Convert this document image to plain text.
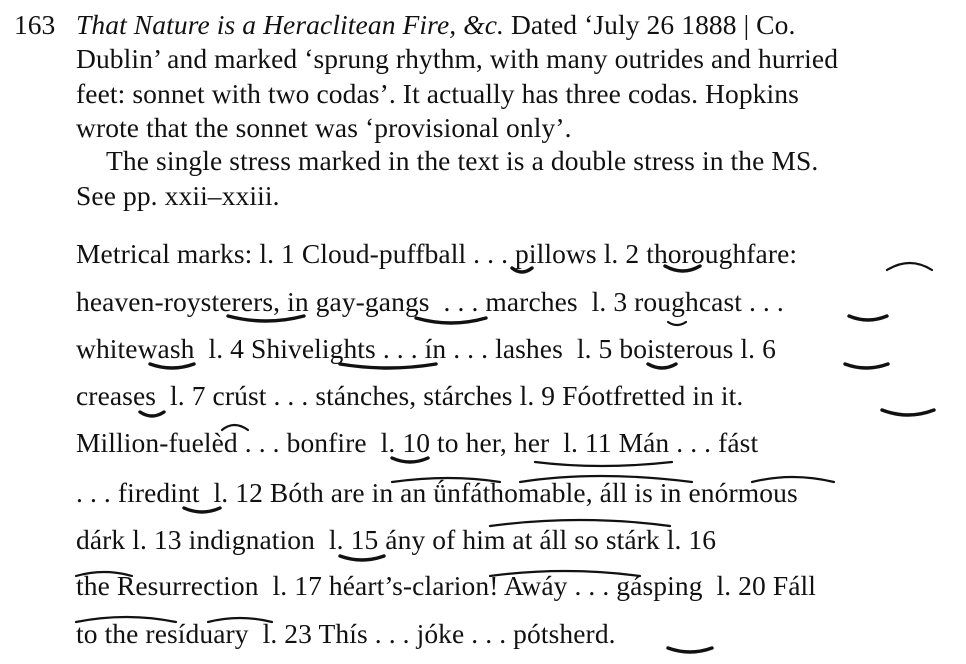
163 That Nature is a Heraclitean Fire, &c. Dated ‘July 26 1888 | Co.
Dublin’ and marked ‘sprung rhythm, with many outrides and hurried
feet: sonnet with two codas’. It actually has three codas. Hopkins
wrote that the sonnet was ‘provisional only’.
The single stress marked in the text is a double stress in the MS.
See pp. xxii–xxiii.
Metrical marks: l. 1 Cloud-puffball . . . pillows l. 2 thoroughfare:
heaven-roysterers, in gay-gangs  . . . marches  l. 3 roughcast . . .
whitewash  l. 4 Shivelights . . . ín . . . lashes  l. 5 boisterous l. 6
creases  l. 7 crúst . . . stánches, stárches l. 9 Fóotfretted in it.
Million-fuelèd . . . bonfire  l. 10 to her, her  l. 11 Mán . . . fást
. . . firedint  l. 12 Bóth are in an ǘnfáthomable, áll is in enórmous
dárk l. 13 indignation  l. 15 ány of him at áll so stárk l. 16
the Resurrection  l. 17 héart’s-clarion! Awáy . . . gásping  l. 20 Fáll
to the resíduary  l. 23 Thís . . . jóke . . . pótsherd.
